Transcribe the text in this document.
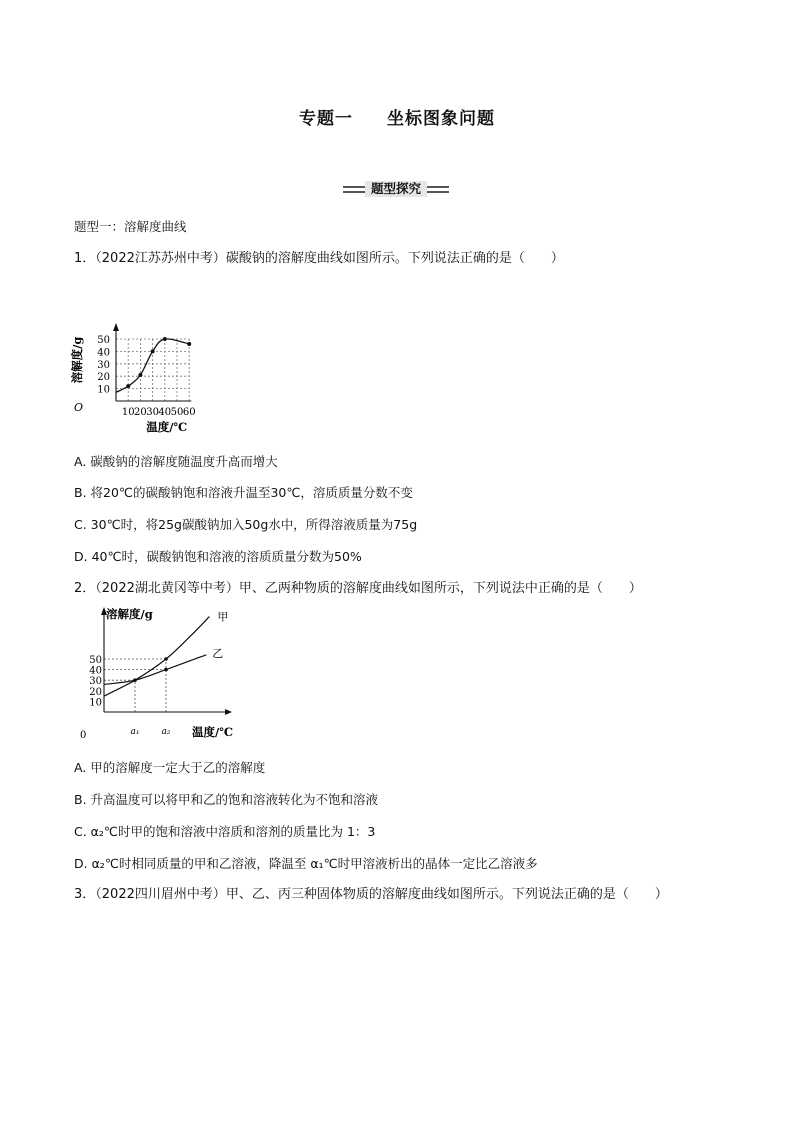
专题一 坐标图象问题
题型探究
题型一：溶解度曲线
1．（2022江苏苏州中考）碳酸钠的溶解度曲线如图所示。下列说法正确的是（　　）
10 20 30 40 50 60
10
20
30
40
50
O
温度/℃
溶解度/g
A. 碳酸钠的溶解度随温度升高而增大
B. 将20℃的碳酸钠饱和溶液升温至30℃，溶质质量分数不变
C. 30℃时，将25g碳酸钠加入50g水中，所得溶液质量为75g
D. 40℃时，碳酸钠饱和溶液的溶质质量分数为50%
2．（2022湖北黄冈等中考）甲、乙两种物质的溶解度曲线如图所示，下列说法中正确的是（　　）
10
20
30
40
50
a₁ a₂
0
溶解度/g
温度/℃
甲
乙
A. 甲的溶解度一定大于乙的溶解度
B. 升高温度可以将甲和乙的饱和溶液转化为不饱和溶液
C. α₂℃时甲的饱和溶液中溶质和溶剂的质量比为 1：3
D. α₂℃时相同质量的甲和乙溶液，降温至 α₁℃时甲溶液析出的晶体一定比乙溶液多
3．（2022四川眉州中考）甲、乙、丙三种固体物质的溶解度曲线如图所示。下列说法正确的是（　　）
